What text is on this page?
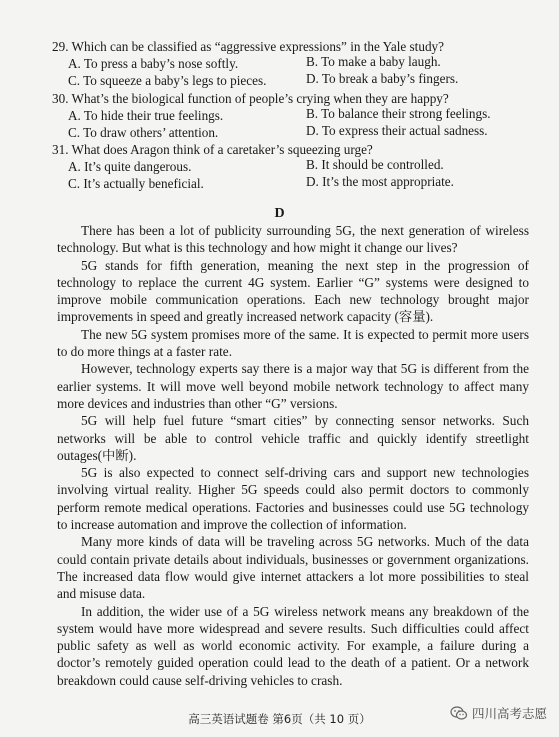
29. Which can be classified as “aggressive expressions” in the Yale study?
A. To press a baby’s nose softly.	B. To make a baby laugh.
C. To squeeze a baby’s legs to pieces.	D. To break a baby’s fingers.
30. What’s the biological function of people’s crying when they are happy?
A. To hide their true feelings.	B. To balance their strong feelings.
C. To draw others’ attention.	D. To express their actual sadness.
31. What does Aragon think of a caretaker’s squeezing urge?
A. It’s quite dangerous.	B. It should be controlled.
C. It’s actually beneficial.	D. It’s the most appropriate.
D

There has been a lot of publicity surrounding 5G, the next generation of wireless technology. But what is this technology and how might it change our lives?

5G stands for fifth generation, meaning the next step in the progression of technology to replace the current 4G system. Earlier “G” systems were designed to improve mobile communication operations. Each new technology brought major improvements in speed and greatly increased network capacity (容量).

The new 5G system promises more of the same. It is expected to permit more users to do more things at a faster rate.

However, technology experts say there is a major way that 5G is different from the earlier systems. It will move well beyond mobile network technology to affect many more devices and industries than other “G” versions.

5G will help fuel future “smart cities” by connecting sensor networks. Such networks will be able to control vehicle traffic and quickly identify streetlight outages(中断).

5G is also expected to connect self-driving cars and support new technologies involving virtual reality. Higher 5G speeds could also permit doctors to commonly perform remote medical operations. Factories and businesses could use 5G technology to increase automation and improve the collection of information.

Many more kinds of data will be traveling across 5G networks. Much of the data could contain private details about individuals, businesses or government organizations. The increased data flow would give internet attackers a lot more possibilities to steal and misuse data.

In addition, the wider use of a 5G wireless network means any breakdown of the system would have more widespread and severe results. Such difficulties could affect public safety as well as world economic activity. For example, a failure during a doctor’s remotely guided operation could lead to the death of a patient. Or a network breakdown could cause self-driving vehicles to crash.

高三英语试题卷 第6页（共 10 页）	四川高考志愿
